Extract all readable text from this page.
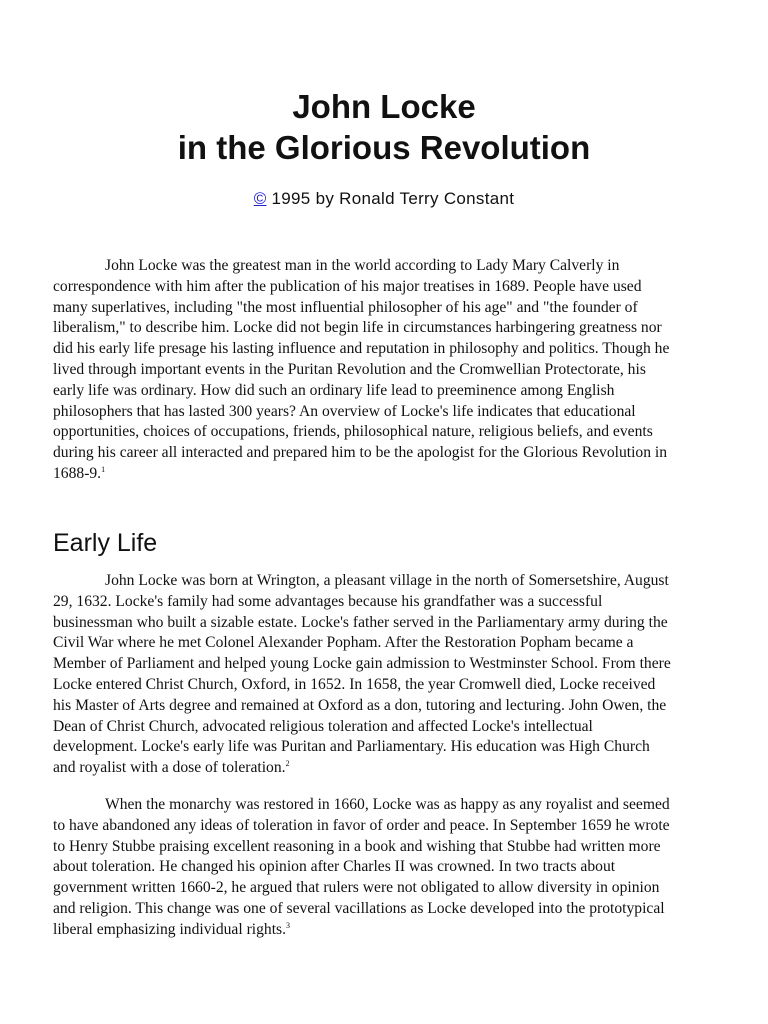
John Locke
in the Glorious Revolution
© 1995 by Ronald Terry Constant

John Locke was the greatest man in the world according to Lady Mary Calverly in correspondence with him after the publication of his major treatises in 1689. People have used many superlatives, including "the most influential philosopher of his age" and "the founder of liberalism," to describe him. Locke did not begin life in circumstances harbingering greatness nor did his early life presage his lasting influence and reputation in philosophy and politics. Though he lived through important events in the Puritan Revolution and the Cromwellian Protectorate, his early life was ordinary. How did such an ordinary life lead to preeminence among English philosophers that has lasted 300 years? An overview of Locke's life indicates that educational opportunities, choices of occupations, friends, philosophical nature, religious beliefs, and events during his career all interacted and prepared him to be the apologist for the Glorious Revolution in 1688-9.$^1$

Early Life

John Locke was born at Wrington, a pleasant village in the north of Somersetshire, August 29, 1632. Locke's family had some advantages because his grandfather was a successful businessman who built a sizable estate. Locke's father served in the Parliamentary army during the Civil War where he met Colonel Alexander Popham. After the Restoration Popham became a Member of Parliament and helped young Locke gain admission to Westminster School. From there Locke entered Christ Church, Oxford, in 1652. In 1658, the year Cromwell died, Locke received his Master of Arts degree and remained at Oxford as a don, tutoring and lecturing. John Owen, the Dean of Christ Church, advocated religious toleration and affected Locke's intellectual development. Locke's early life was Puritan and Parliamentary. His education was High Church and royalist with a dose of toleration.$^2$

When the monarchy was restored in 1660, Locke was as happy as any royalist and seemed to have abandoned any ideas of toleration in favor of order and peace. In September 1659 he wrote to Henry Stubbe praising excellent reasoning in a book and wishing that Stubbe had written more about toleration. He changed his opinion after Charles II was crowned. In two tracts about government written 1660-2, he argued that rulers were not obligated to allow diversity in opinion and religion. This change was one of several vacillations as Locke developed into the prototypical liberal emphasizing individual rights.$^3$
